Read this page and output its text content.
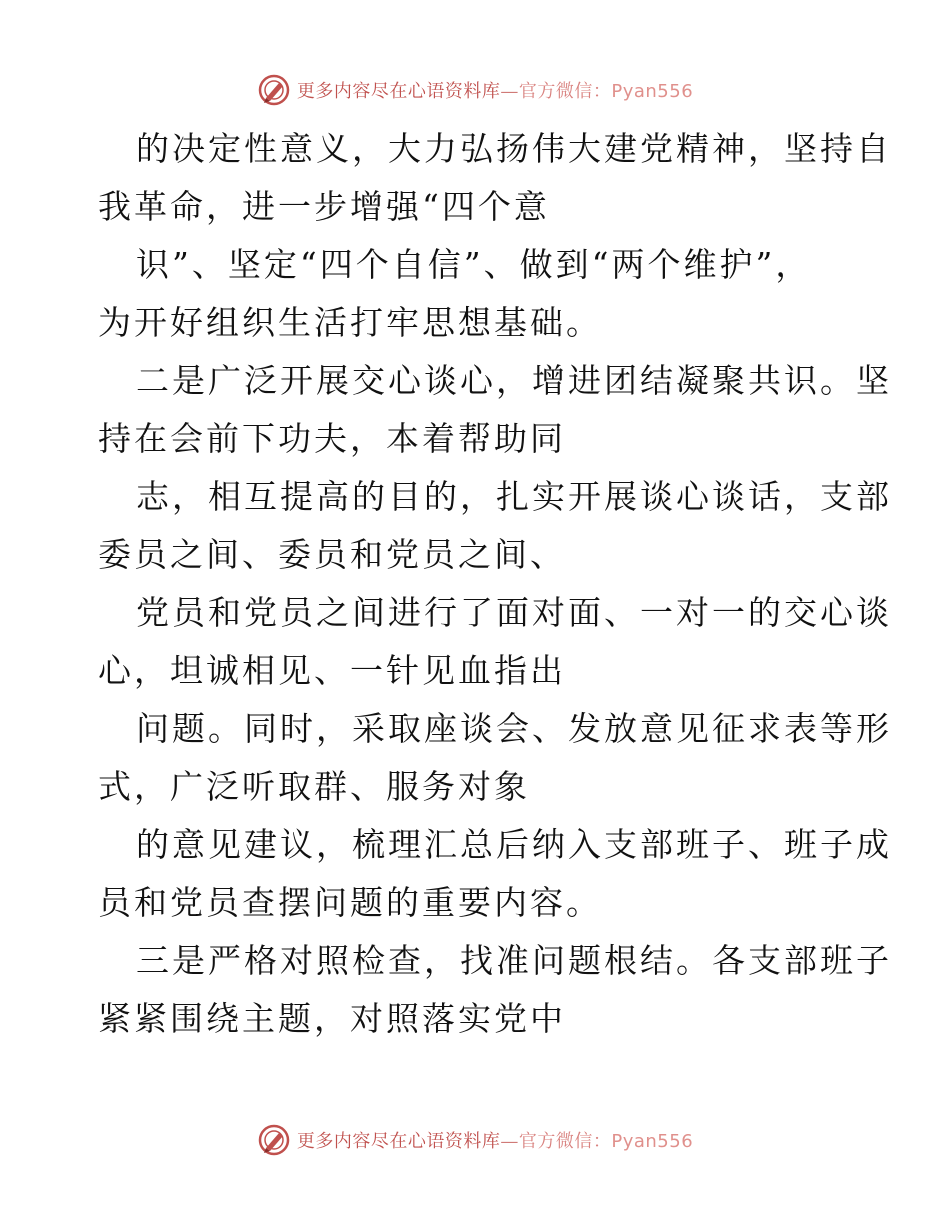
更多内容尽在心语资料库—官方微信：Pyan556
的决定性意义，大力弘扬伟大建党精神，坚持自
我革命，进一步增强“四个意
识”、坚定“四个自信”、做到“两个维护”，
为开好组织生活打牢思想基础。
二是广泛开展交心谈心，增进团结凝聚共识。坚
持在会前下功夫，本着帮助同
志，相互提高的目的，扎实开展谈心谈话，支部
委员之间、委员和党员之间、
党员和党员之间进行了面对面、一对一的交心谈
心，坦诚相见、一针见血指出
问题。同时，采取座谈会、发放意见征求表等形
式，广泛听取群、服务对象
的意见建议，梳理汇总后纳入支部班子、班子成
员和党员查摆问题的重要内容。
三是严格对照检查，找准问题根结。各支部班子
紧紧围绕主题，对照落实党中
更多内容尽在心语资料库—官方微信：Pyan556
